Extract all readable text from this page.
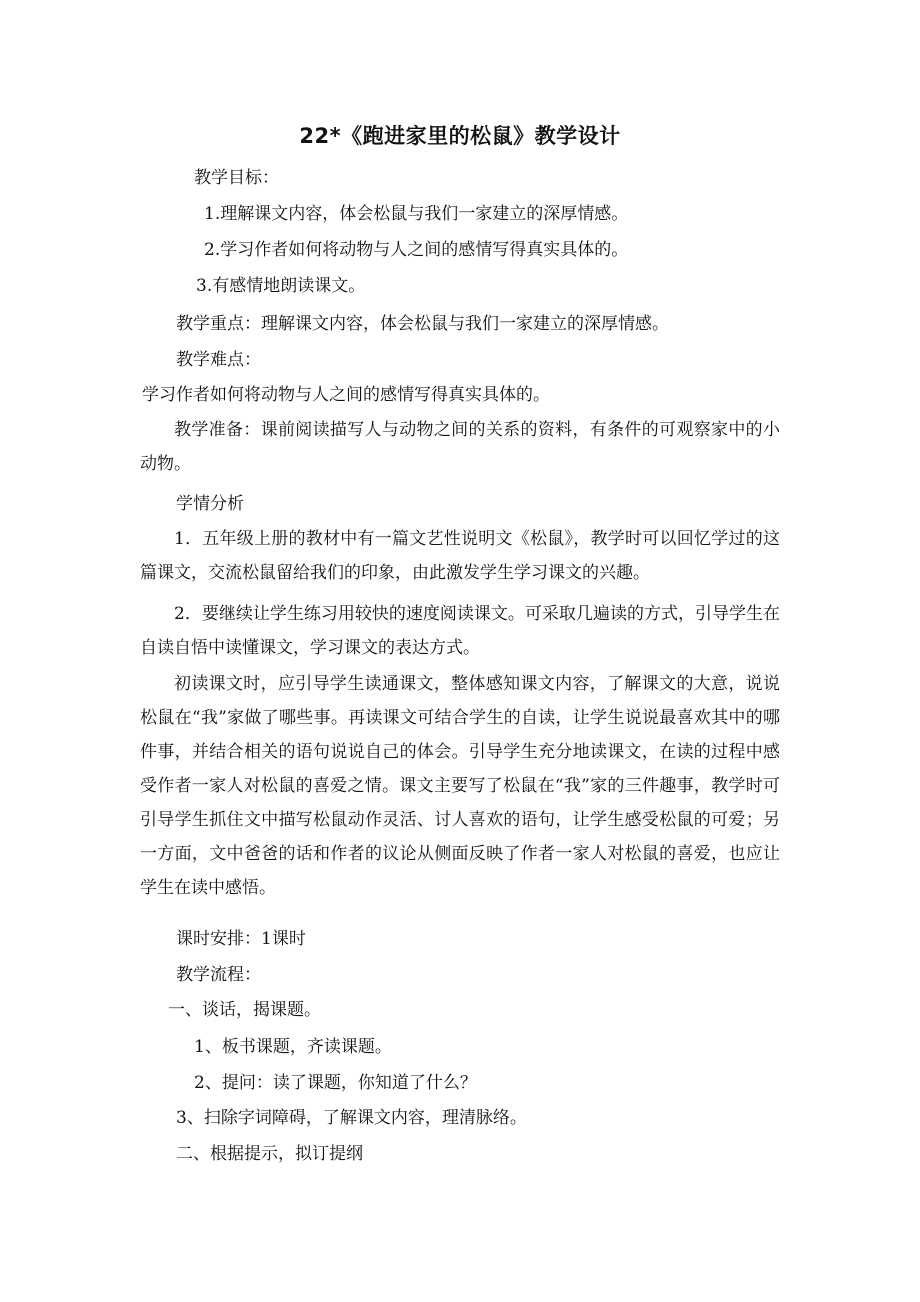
22*《跑进家里的松鼠》教学设计
教学目标：
1.理解课文内容，体会松鼠与我们一家建立的深厚情感。
2.学习作者如何将动物与人之间的感情写得真实具体的。
3.有感情地朗读课文。
教学重点：理解课文内容，体会松鼠与我们一家建立的深厚情感。
教学难点：
学习作者如何将动物与人之间的感情写得真实具体的。
教学准备：课前阅读描写人与动物之间的关系的资料，有条件的可观察家中的小动物。
学情分析
1．五年级上册的教材中有一篇文艺性说明文《松鼠》，教学时可以回忆学过的这篇课文，交流松鼠留给我们的印象，由此激发学生学习课文的兴趣。
2．要继续让学生练习用较快的速度阅读课文。可采取几遍读的方式，引导学生在自读自悟中读懂课文，学习课文的表达方式。
初读课文时，应引导学生读通课文，整体感知课文内容，了解课文的大意，说说松鼠在“我”家做了哪些事。再读课文可结合学生的自读，让学生说说最喜欢其中的哪件事，并结合相关的语句说说自己的体会。引导学生充分地读课文，在读的过程中感受作者一家人对松鼠的喜爱之情。课文主要写了松鼠在“我”家的三件趣事，教学时可引导学生抓住文中描写松鼠动作灵活、讨人喜欢的语句，让学生感受松鼠的可爱；另一方面，文中爸爸的话和作者的议论从侧面反映了作者一家人对松鼠的喜爱，也应让学生在读中感悟。
课时安排：1课时
教学流程：
一、谈话，揭课题。
1、板书课题，齐读课题。
2、提问：读了课题，你知道了什么？
3、扫除字词障碍，了解课文内容，理清脉络。
二、根据提示，拟订提纲
